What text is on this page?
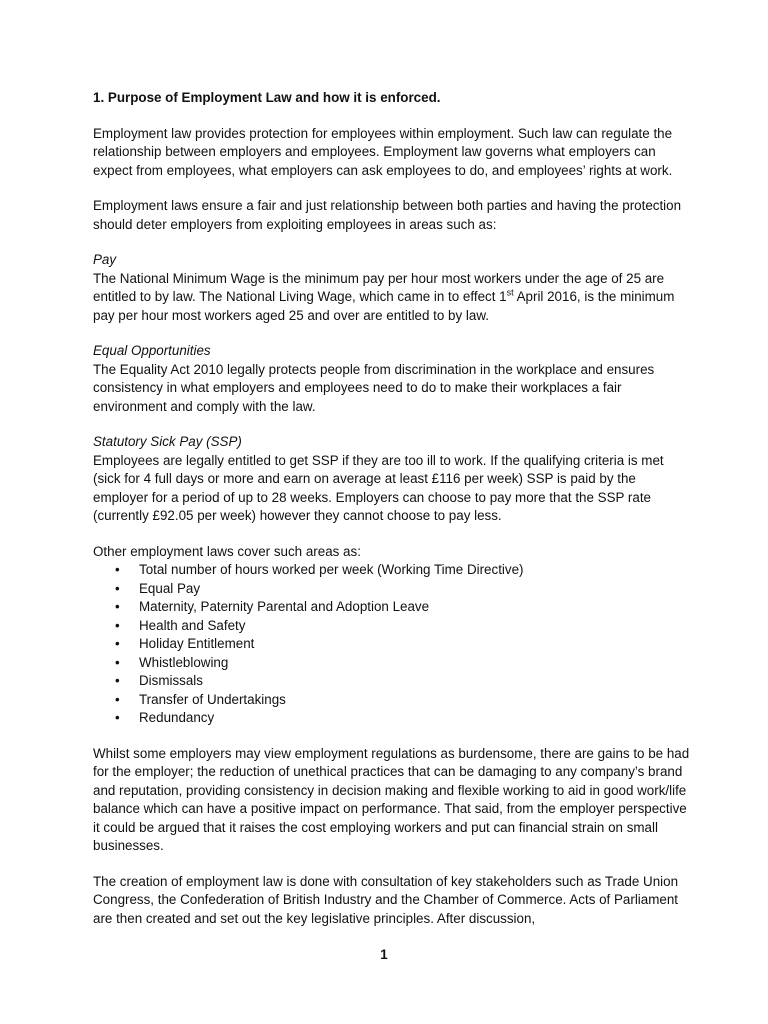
1. Purpose of Employment Law and how it is enforced.

Employment law provides protection for employees within employment. Such law can regulate the relationship between employers and employees. Employment law governs what employers can expect from employees, what employers can ask employees to do, and employees’ rights at work.

Employment laws ensure a fair and just relationship between both parties and having the protection should deter employers from exploiting employees in areas such as:

Pay

The National Minimum Wage is the minimum pay per hour most workers under the age of 25 are entitled to by law. The National Living Wage, which came in to effect 1st April 2016, is the minimum pay per hour most workers aged 25 and over are entitled to by law.

Equal Opportunities

The Equality Act 2010 legally protects people from discrimination in the workplace and ensures consistency in what employers and employees need to do to make their workplaces a fair environment and comply with the law.

Statutory Sick Pay (SSP)

Employees are legally entitled to get SSP if they are too ill to work. If the qualifying criteria is met (sick for 4 full days or more and earn on average at least £116 per week) SSP is paid by the employer for a period of up to 28 weeks. Employers can choose to pay more that the SSP rate (currently £92.05 per week) however they cannot choose to pay less.

Other employment laws cover such areas as:

• Total number of hours worked per week (Working Time Directive)
• Equal Pay
• Maternity, Paternity Parental and Adoption Leave
• Health and Safety
• Holiday Entitlement
• Whistleblowing
• Dismissals
• Transfer of Undertakings
• Redundancy

Whilst some employers may view employment regulations as burdensome, there are gains to be had for the employer; the reduction of unethical practices that can be damaging to any company’s brand and reputation, providing consistency in decision making and flexible working to aid in good work/life balance which can have a positive impact on performance. That said, from the employer perspective it could be argued that it raises the cost employing workers and put can financial strain on small businesses.

The creation of employment law is done with consultation of key stakeholders such as Trade Union Congress, the Confederation of British Industry and the Chamber of Commerce. Acts of Parliament are then created and set out the key legislative principles. After discussion,

1
